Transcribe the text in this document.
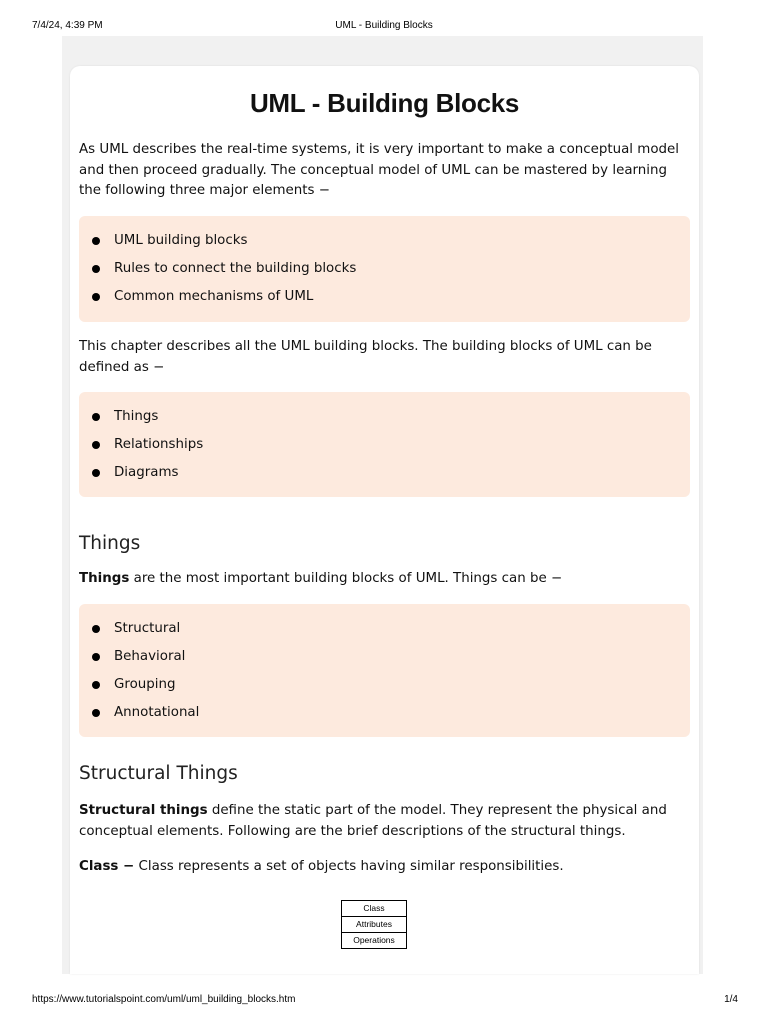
7/4/24, 4:39 PM	UML - Building Blocks
UML - Building Blocks

As UML describes the real-time systems, it is very important to make a conceptual model and then proceed gradually. The conceptual model of UML can be mastered by learning the following three major elements −

UML building blocks
Rules to connect the building blocks
Common mechanisms of UML

This chapter describes all the UML building blocks. The building blocks of UML can be defined as −

Things
Relationships
Diagrams
Things

Things are the most important building blocks of UML. Things can be −

Structural
Behavioral
Grouping
Annotational
Structural Things

Structural things define the static part of the model. They represent the physical and conceptual elements. Following are the brief descriptions of the structural things.

Class − Class represents a set of objects having similar responsibilities.

Class
Attributes
Operations
https://www.tutorialspoint.com/uml/uml_building_blocks.htm	1/4
